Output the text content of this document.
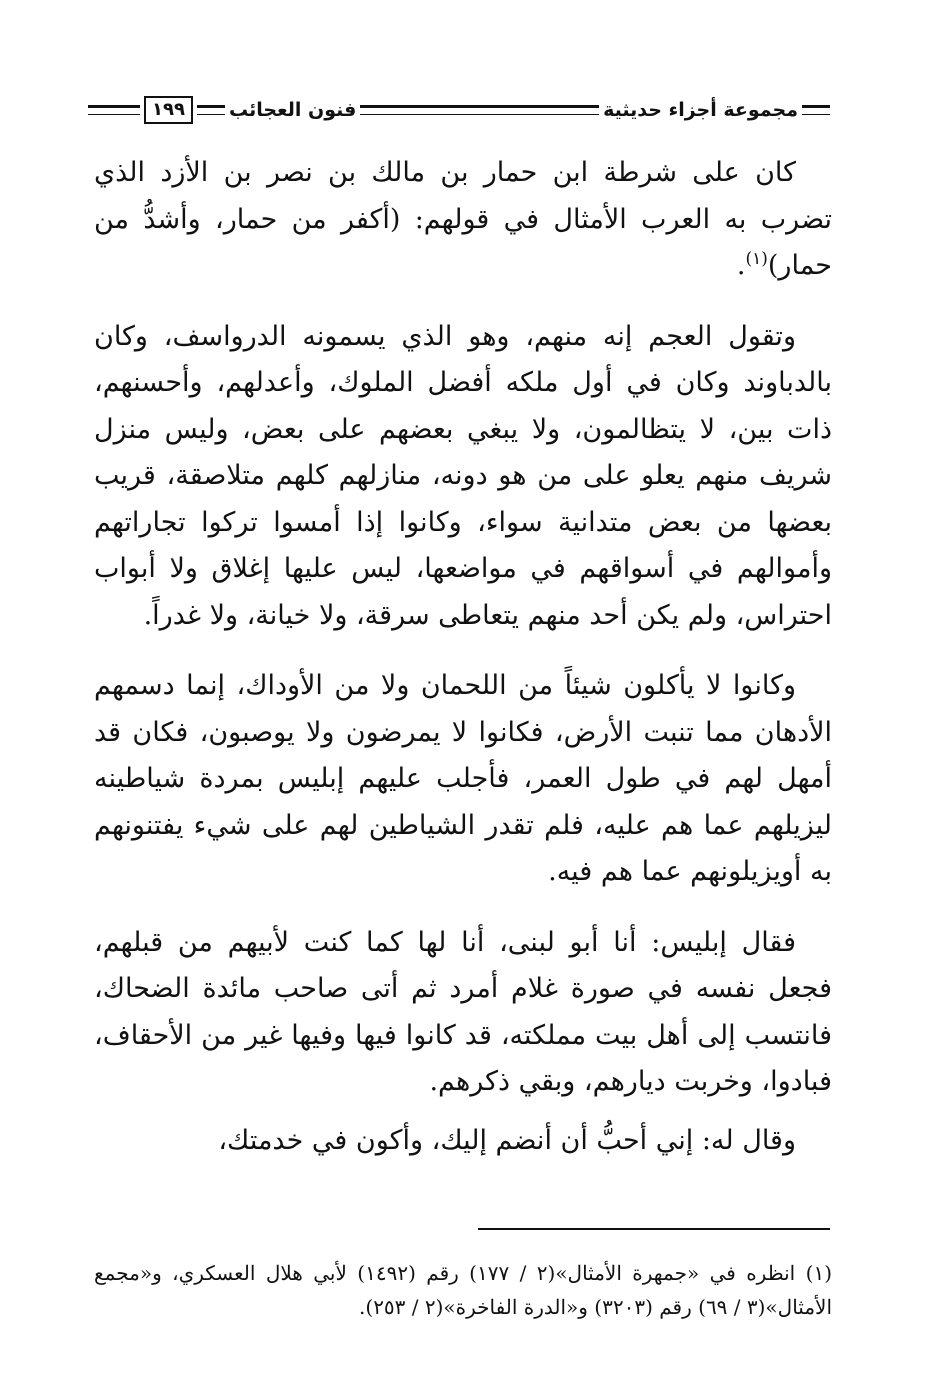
مجموعة أجزاء حديثية
فنون العجائب
١٩٩

كان على شرطة ابن حمار بن مالك بن نصر بن الأزد الذي تضرب به العرب الأمثال في قولهم: (أكفر من حمار، وأشدُّ من حمار)$^{(١)}$.

وتقول العجم إنه منهم، وهو الذي يسمونه الدرواسف، وكان بالدباوند وكان في أول ملكه أفضل الملوك، وأعدلهم، وأحسنهم، ذات بين، لا يتظالمون، ولا يبغي بعضهم على بعض، وليس منزل شريف منهم يعلو على من هو دونه، منازلهم كلهم متلاصقة، قريب بعضها من بعض متدانية سواء، وكانوا إذا أمسوا تركوا تجاراتهم وأموالهم في أسواقهم في مواضعها، ليس عليها إغلاق ولا أبواب احتراس، ولم يكن أحد منهم يتعاطى سرقة، ولا خيانة، ولا غدراً.

وكانوا لا يأكلون شيئاً من اللحمان ولا من الأوداك، إنما دسمهم الأدهان مما تنبت الأرض، فكانوا لا يمرضون ولا يوصبون، فكان قد أمهل لهم في طول العمر، فأجلب عليهم إبليس بمردة شياطينه ليزيلهم عما هم عليه، فلم تقدر الشياطين لهم على شيء يفتنونهم به أويزيلونهم عما هم فيه.

فقال إبليس: أنا أبو لبنى، أنا لها كما كنت لأبيهم من قبلهم، فجعل نفسه في صورة غلام أمرد ثم أتى صاحب مائدة الضحاك، فانتسب إلى أهل بيت مملكته، قد كانوا فيها وفيها غير من الأحقاف، فبادوا، وخربت ديارهم، وبقي ذكرهم.

وقال له: إني أحبُّ أن أنضم إليك، وأكون في خدمتك،

(١) انظره في «جمهرة الأمثال»(٢ / ١٧٧) رقم (١٤٩٢) لأبي هلال العسكري، و«مجمع الأمثال»(٣ / ٦٩) رقم (٣٢٠٣) و«الدرة الفاخرة»(٢ / ٢٥٣).
